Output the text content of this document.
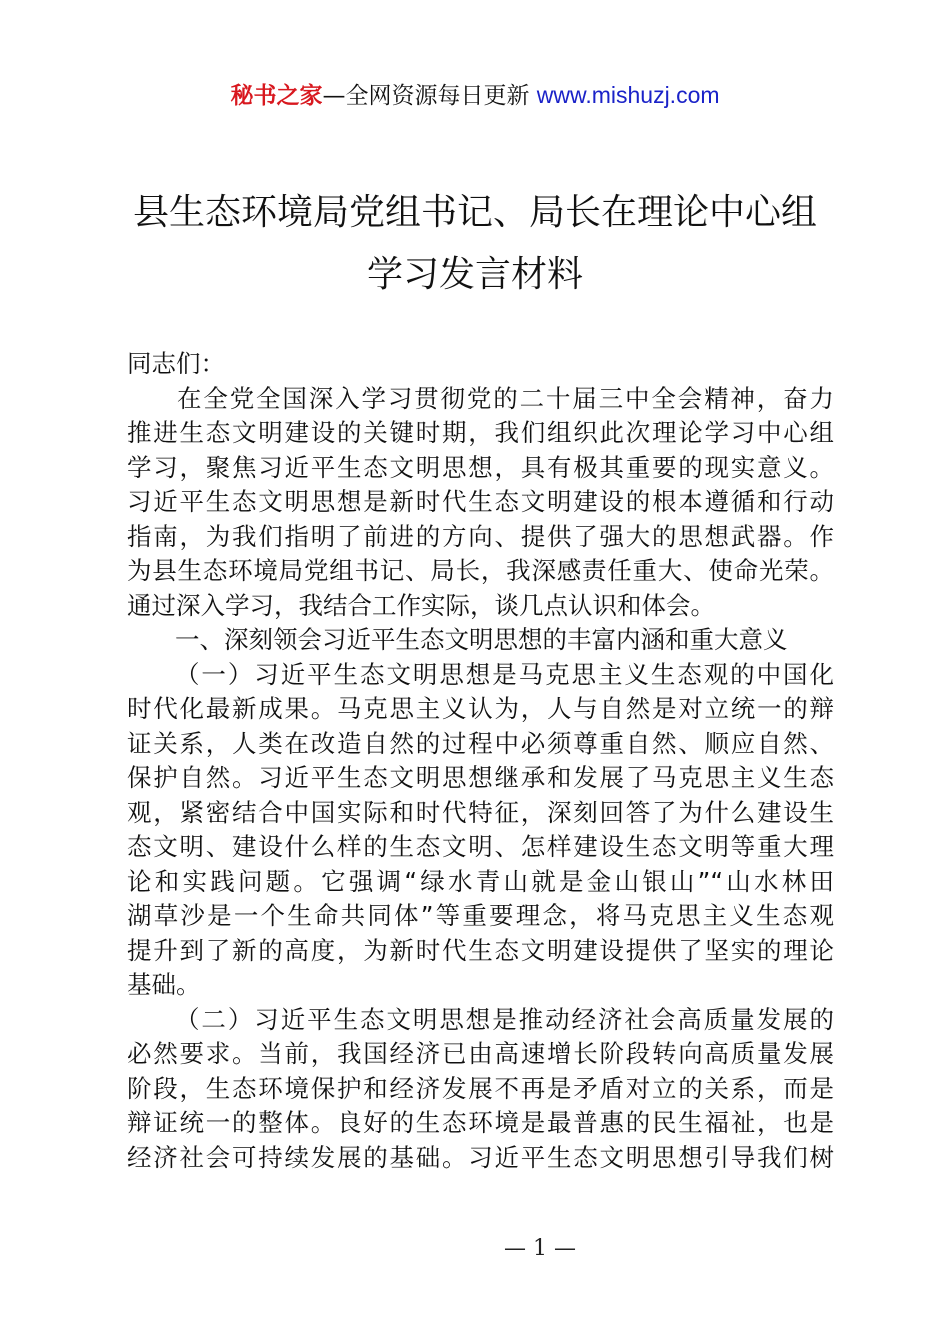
秘书之家—全网资源每日更新 www.mishuzj.com
县生态环境局党组书记、局长在理论中心组
学习发言材料
同志们：
在全党全国深入学习贯彻党的二十届三中全会精神，奋力
推进生态文明建设的关键时期，我们组织此次理论学习中心组
学习，聚焦习近平生态文明思想，具有极其重要的现实意义。
习近平生态文明思想是新时代生态文明建设的根本遵循和行动
指南，为我们指明了前进的方向、提供了强大的思想武器。作
为县生态环境局党组书记、局长，我深感责任重大、使命光荣。
通过深入学习，我结合工作实际，谈几点认识和体会。
一、深刻领会习近平生态文明思想的丰富内涵和重大意义
（一）习近平生态文明思想是马克思主义生态观的中国化
时代化最新成果。马克思主义认为，人与自然是对立统一的辩
证关系，人类在改造自然的过程中必须尊重自然、顺应自然、
保护自然。习近平生态文明思想继承和发展了马克思主义生态
观，紧密结合中国实际和时代特征，深刻回答了为什么建设生
态文明、建设什么样的生态文明、怎样建设生态文明等重大理
论和实践问题。它强调“绿水青山就是金山银山”“山水林田
湖草沙是一个生命共同体”等重要理念，将马克思主义生态观
提升到了新的高度，为新时代生态文明建设提供了坚实的理论
基础。
（二）习近平生态文明思想是推动经济社会高质量发展的
必然要求。当前，我国经济已由高速增长阶段转向高质量发展
阶段，生态环境保护和经济发展不再是矛盾对立的关系，而是
辩证统一的整体。良好的生态环境是最普惠的民生福祉，也是
经济社会可持续发展的基础。习近平生态文明思想引导我们树
— 1 —
